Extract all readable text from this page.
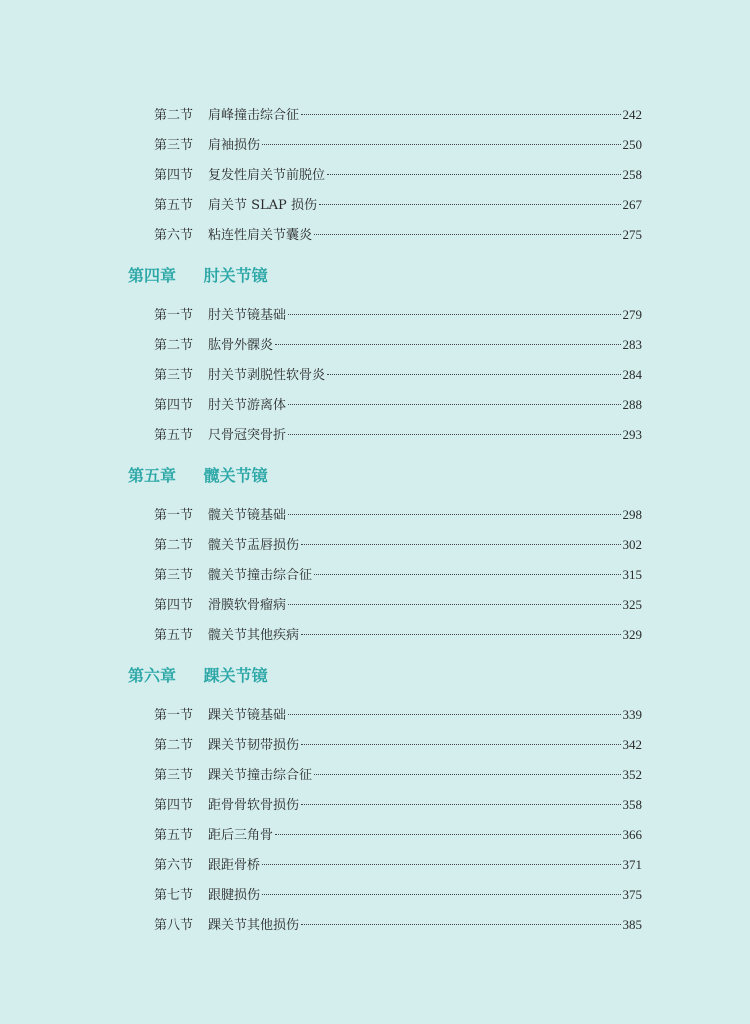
第二节	肩峰撞击综合征	242
第三节	肩袖损伤	250
第四节	复发性肩关节前脱位	258
第五节	肩关节 SLAP 损伤	267
第六节	粘连性肩关节囊炎	275
第四章 肘关节镜
第一节	肘关节镜基础	279
第二节	肱骨外髁炎	283
第三节	肘关节剥脱性软骨炎	284
第四节	肘关节游离体	288
第五节	尺骨冠突骨折	293
第五章 髋关节镜
第一节	髋关节镜基础	298
第二节	髋关节盂唇损伤	302
第三节	髋关节撞击综合征	315
第四节	滑膜软骨瘤病	325
第五节	髋关节其他疾病	329
第六章 踝关节镜
第一节	踝关节镜基础	339
第二节	踝关节韧带损伤	342
第三节	踝关节撞击综合征	352
第四节	距骨骨软骨损伤	358
第五节	距后三角骨	366
第六节	跟距骨桥	371
第七节	跟腱损伤	375
第八节	踝关节其他损伤	385
